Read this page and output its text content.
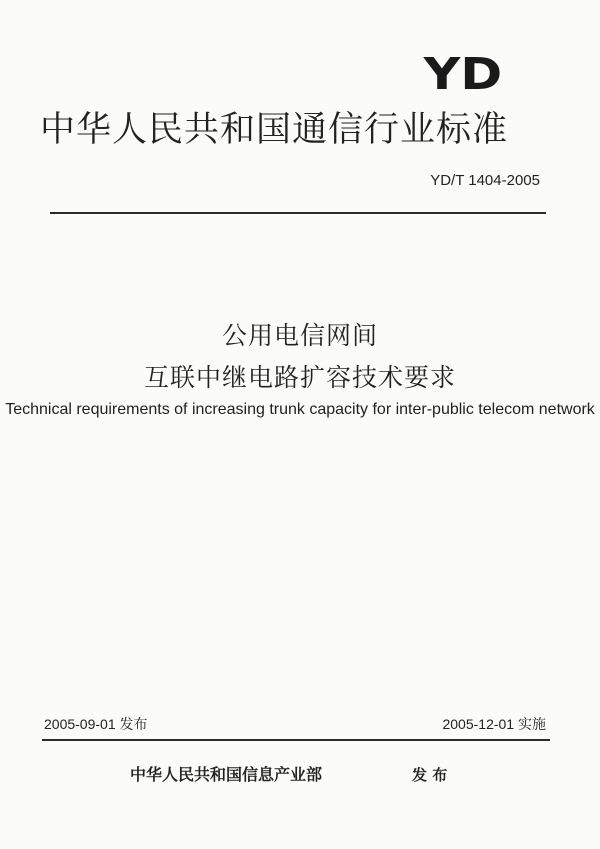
YD
中华人民共和国通信行业标准
YD/T 1404-2005
公用电信网间
互联中继电路扩容技术要求
Technical requirements of increasing trunk capacity for inter-public telecom network
2005-09-01 发布	2005-12-01 实施
中华人民共和国信息产业部	发 布
